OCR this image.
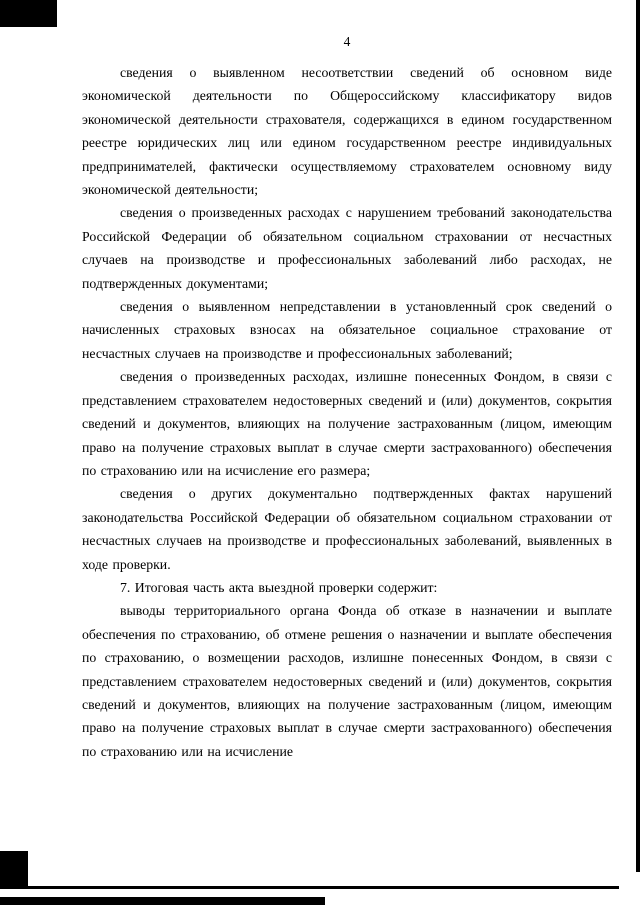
4

сведения о выявленном несоответствии сведений об основном виде экономической деятельности по Общероссийскому классификатору видов экономической деятельности страхователя, содержащихся в едином государственном реестре юридических лиц или едином государственном реестре индивидуальных предпринимателей, фактически осуществляемому страхователем основному виду экономической деятельности;

сведения о произведенных расходах с нарушением требований законодательства Российской Федерации об обязательном социальном страховании от несчастных случаев на производстве и профессиональных заболеваний либо расходах, не подтвержденных документами;

сведения о выявленном непредставлении в установленный срок сведений о начисленных страховых взносах на обязательное социальное страхование от несчастных случаев на производстве и профессиональных заболеваний;

сведения о произведенных расходах, излишне понесенных Фондом, в связи с представлением страхователем недостоверных сведений и (или) документов, сокрытия сведений и документов, влияющих на получение застрахованным (лицом, имеющим право на получение страховых выплат в случае смерти застрахованного) обеспечения по страхованию или на исчисление его размера;

сведения о других документально подтвержденных фактах нарушений законодательства Российской Федерации об обязательном социальном страховании от несчастных случаев на производстве и профессиональных заболеваний, выявленных в ходе проверки.

7. Итоговая часть акта выездной проверки содержит:

выводы территориального органа Фонда об отказе в назначении и выплате обеспечения по страхованию, об отмене решения о назначении и выплате обеспечения по страхованию, о возмещении расходов, излишне понесенных Фондом, в связи с представлением страхователем недостоверных сведений и (или) документов, сокрытия сведений и документов, влияющих на получение застрахованным (лицом, имеющим право на получение страховых выплат в случае смерти застрахованного) обеспечения по страхованию или на исчисление
